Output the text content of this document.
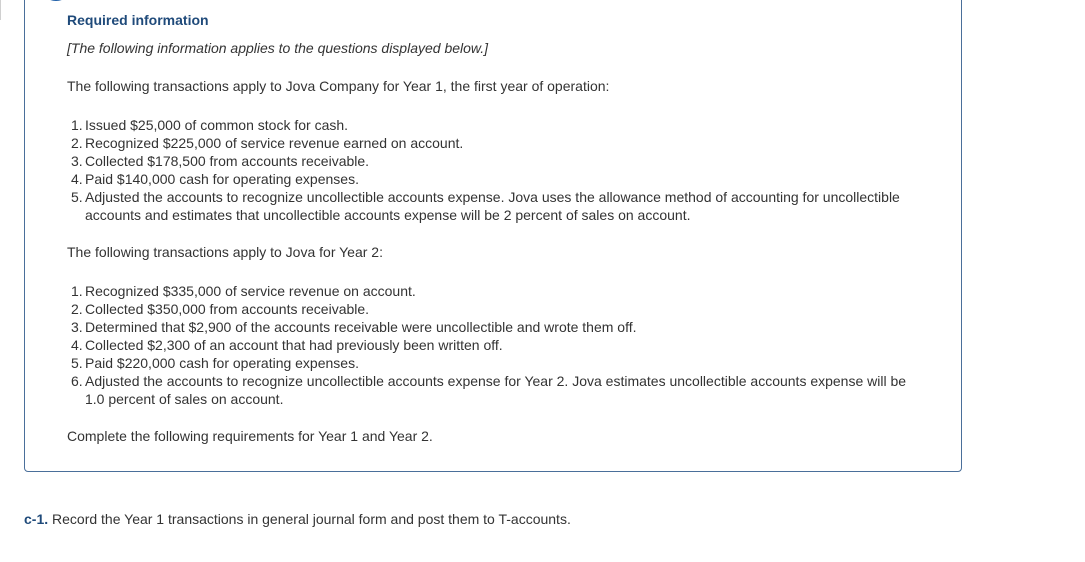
Required information
[The following information applies to the questions displayed below.]
The following transactions apply to Jova Company for Year 1, the first year of operation:
1. Issued $25,000 of common stock for cash.
2. Recognized $225,000 of service revenue earned on account.
3. Collected $178,500 from accounts receivable.
4. Paid $140,000 cash for operating expenses.
5. Adjusted the accounts to recognize uncollectible accounts expense. Jova uses the allowance method of accounting for uncollectible accounts and estimates that uncollectible accounts expense will be 2 percent of sales on account.
The following transactions apply to Jova for Year 2:
1. Recognized $335,000 of service revenue on account.
2. Collected $350,000 from accounts receivable.
3. Determined that $2,900 of the accounts receivable were uncollectible and wrote them off.
4. Collected $2,300 of an account that had previously been written off.
5. Paid $220,000 cash for operating expenses.
6. Adjusted the accounts to recognize uncollectible accounts expense for Year 2. Jova estimates uncollectible accounts expense will be 1.0 percent of sales on account.
Complete the following requirements for Year 1 and Year 2.
c-1. Record the Year 1 transactions in general journal form and post them to T-accounts.
